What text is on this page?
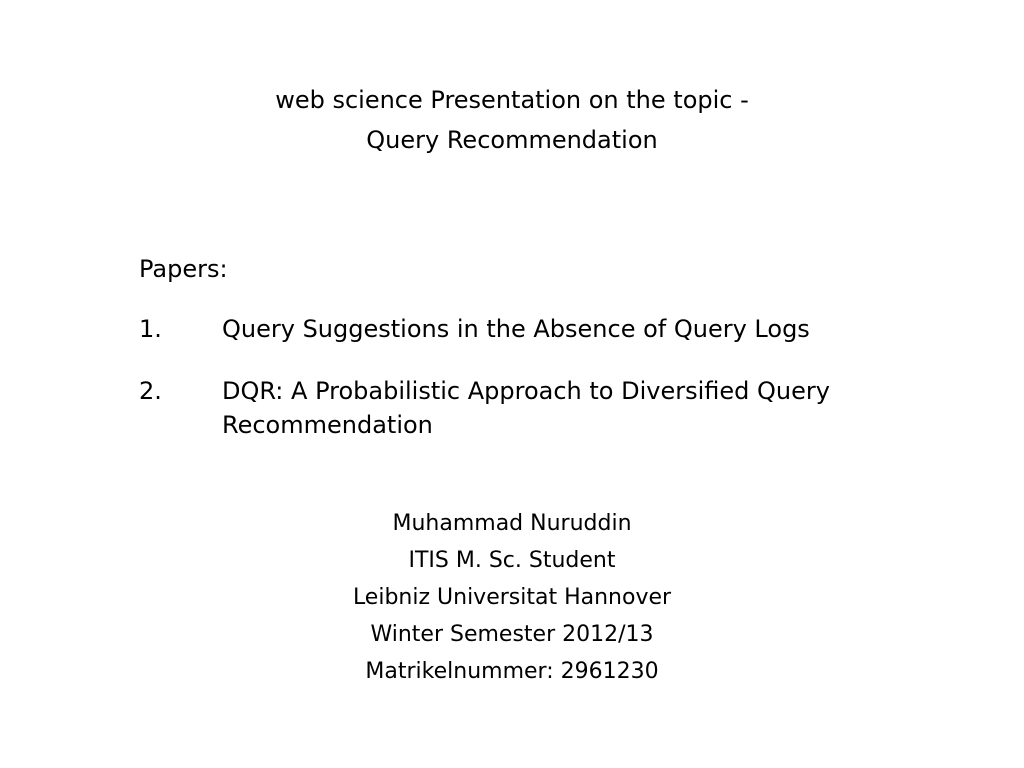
web science Presentation on the topic -
Query Recommendation
Papers:
1.	Query Suggestions in the Absence of Query Logs
2.	DQR: A Probabilistic Approach to Diversified Query Recommendation
Muhammad Nuruddin
ITIS M. Sc. Student
Leibniz Universitat Hannover
Winter Semester 2012/13
Matrikelnummer: 2961230
